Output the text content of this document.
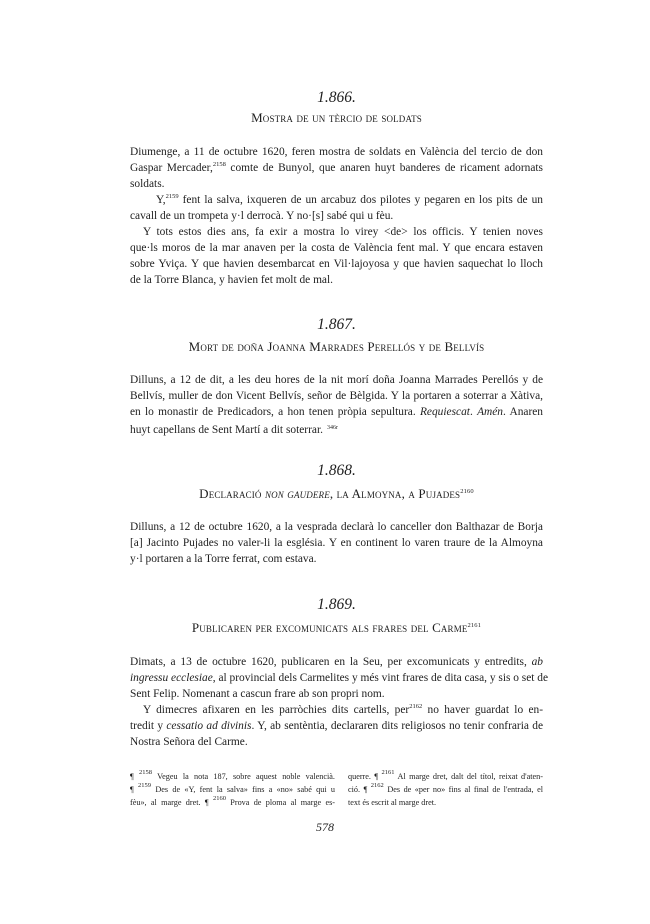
1.866.
Mostra de un tèrcio de soldats
Diumenge, a 11 de octubre 1620, feren mostra de soldats en València del tercio de don
Gaspar Mercader,$^{2158}$ comte de Bunyol, que anaren huyt banderes de ricament adornats
soldats.
Y,$^{2159}$ fent la salva, ixqueren de un arcabuz dos pilotes y pegaren en los pits de un
cavall de un trompeta y·l derrocà. Y no·[s] sabé qui u fèu.
Y tots estos dies ans, fa exir a mostra lo virey <de> los officis. Y tenien noves
que·ls moros de la mar anaven per la costa de València fent mal. Y que encara estaven
sobre Yviça. Y que havien desembarcat en Vil·lajoyosa y que havien saquechat lo lloch
de la Torre Blanca, y havien fet molt de mal.
1.867.
Mort de doña Joanna Marrades Perellós y de Bellvís
Dilluns, a 12 de dit, a les deu hores de la nit morí doña Joanna Marrades Perellós y de
Bellvís, muller de don Vicent Bellvís, señor de Bèlgida. Y la portaren a soterrar a Xàtiva,
en lo monastir de Predicadors, a hon tenen pròpia sepultura. Requiescat. Amén. Anaren
huyt capellans de Sent Martí a dit soterrar. $^{346r}$
1.868.
Declaració non gaudere, la Almoyna, a Pujades$^{2160}$
Dilluns, a 12 de octubre 1620, a la vesprada declarà lo canceller don Balthazar de Borja
[a] Jacinto Pujades no valer-li la església. Y en continent lo varen traure de la Almoyna
y·l portaren a la Torre ferrat, com estava.
1.869.
Publicaren per excomunicats als frares del Carme$^{2161}$
Dimats, a 13 de octubre 1620, publicaren en la Seu, per excomunicats y entredits, ab
ingressu ecclesiae, al provincial dels Carmelites y més vint frares de dita casa, y sis o set de
Sent Felip. Nomenant a cascun frare ab son propri nom.
Y dimecres afixaren en les parròchies dits cartells, per$^{2162}$ no haver guardat lo en-
tredit y cessatio ad divinis. Y, ab sentèntia, declararen dits religiosos no tenir confraria de
Nostra Señora del Carme.
¶ $^{2158}$ Vegeu la nota 187, sobre aquest noble valencià.
¶ $^{2159}$ Des de «Y, fent la salva» fins a «no» sabé qui u
fèu», al marge dret. ¶ $^{2160}$ Prova de ploma al marge es-
querre. ¶ $^{2161}$ Al marge dret, dalt del títol, reixat d'aten-
ció. ¶ $^{2162}$ Des de «per no» fins al final de l'entrada, el
text és escrit al marge dret.
578
